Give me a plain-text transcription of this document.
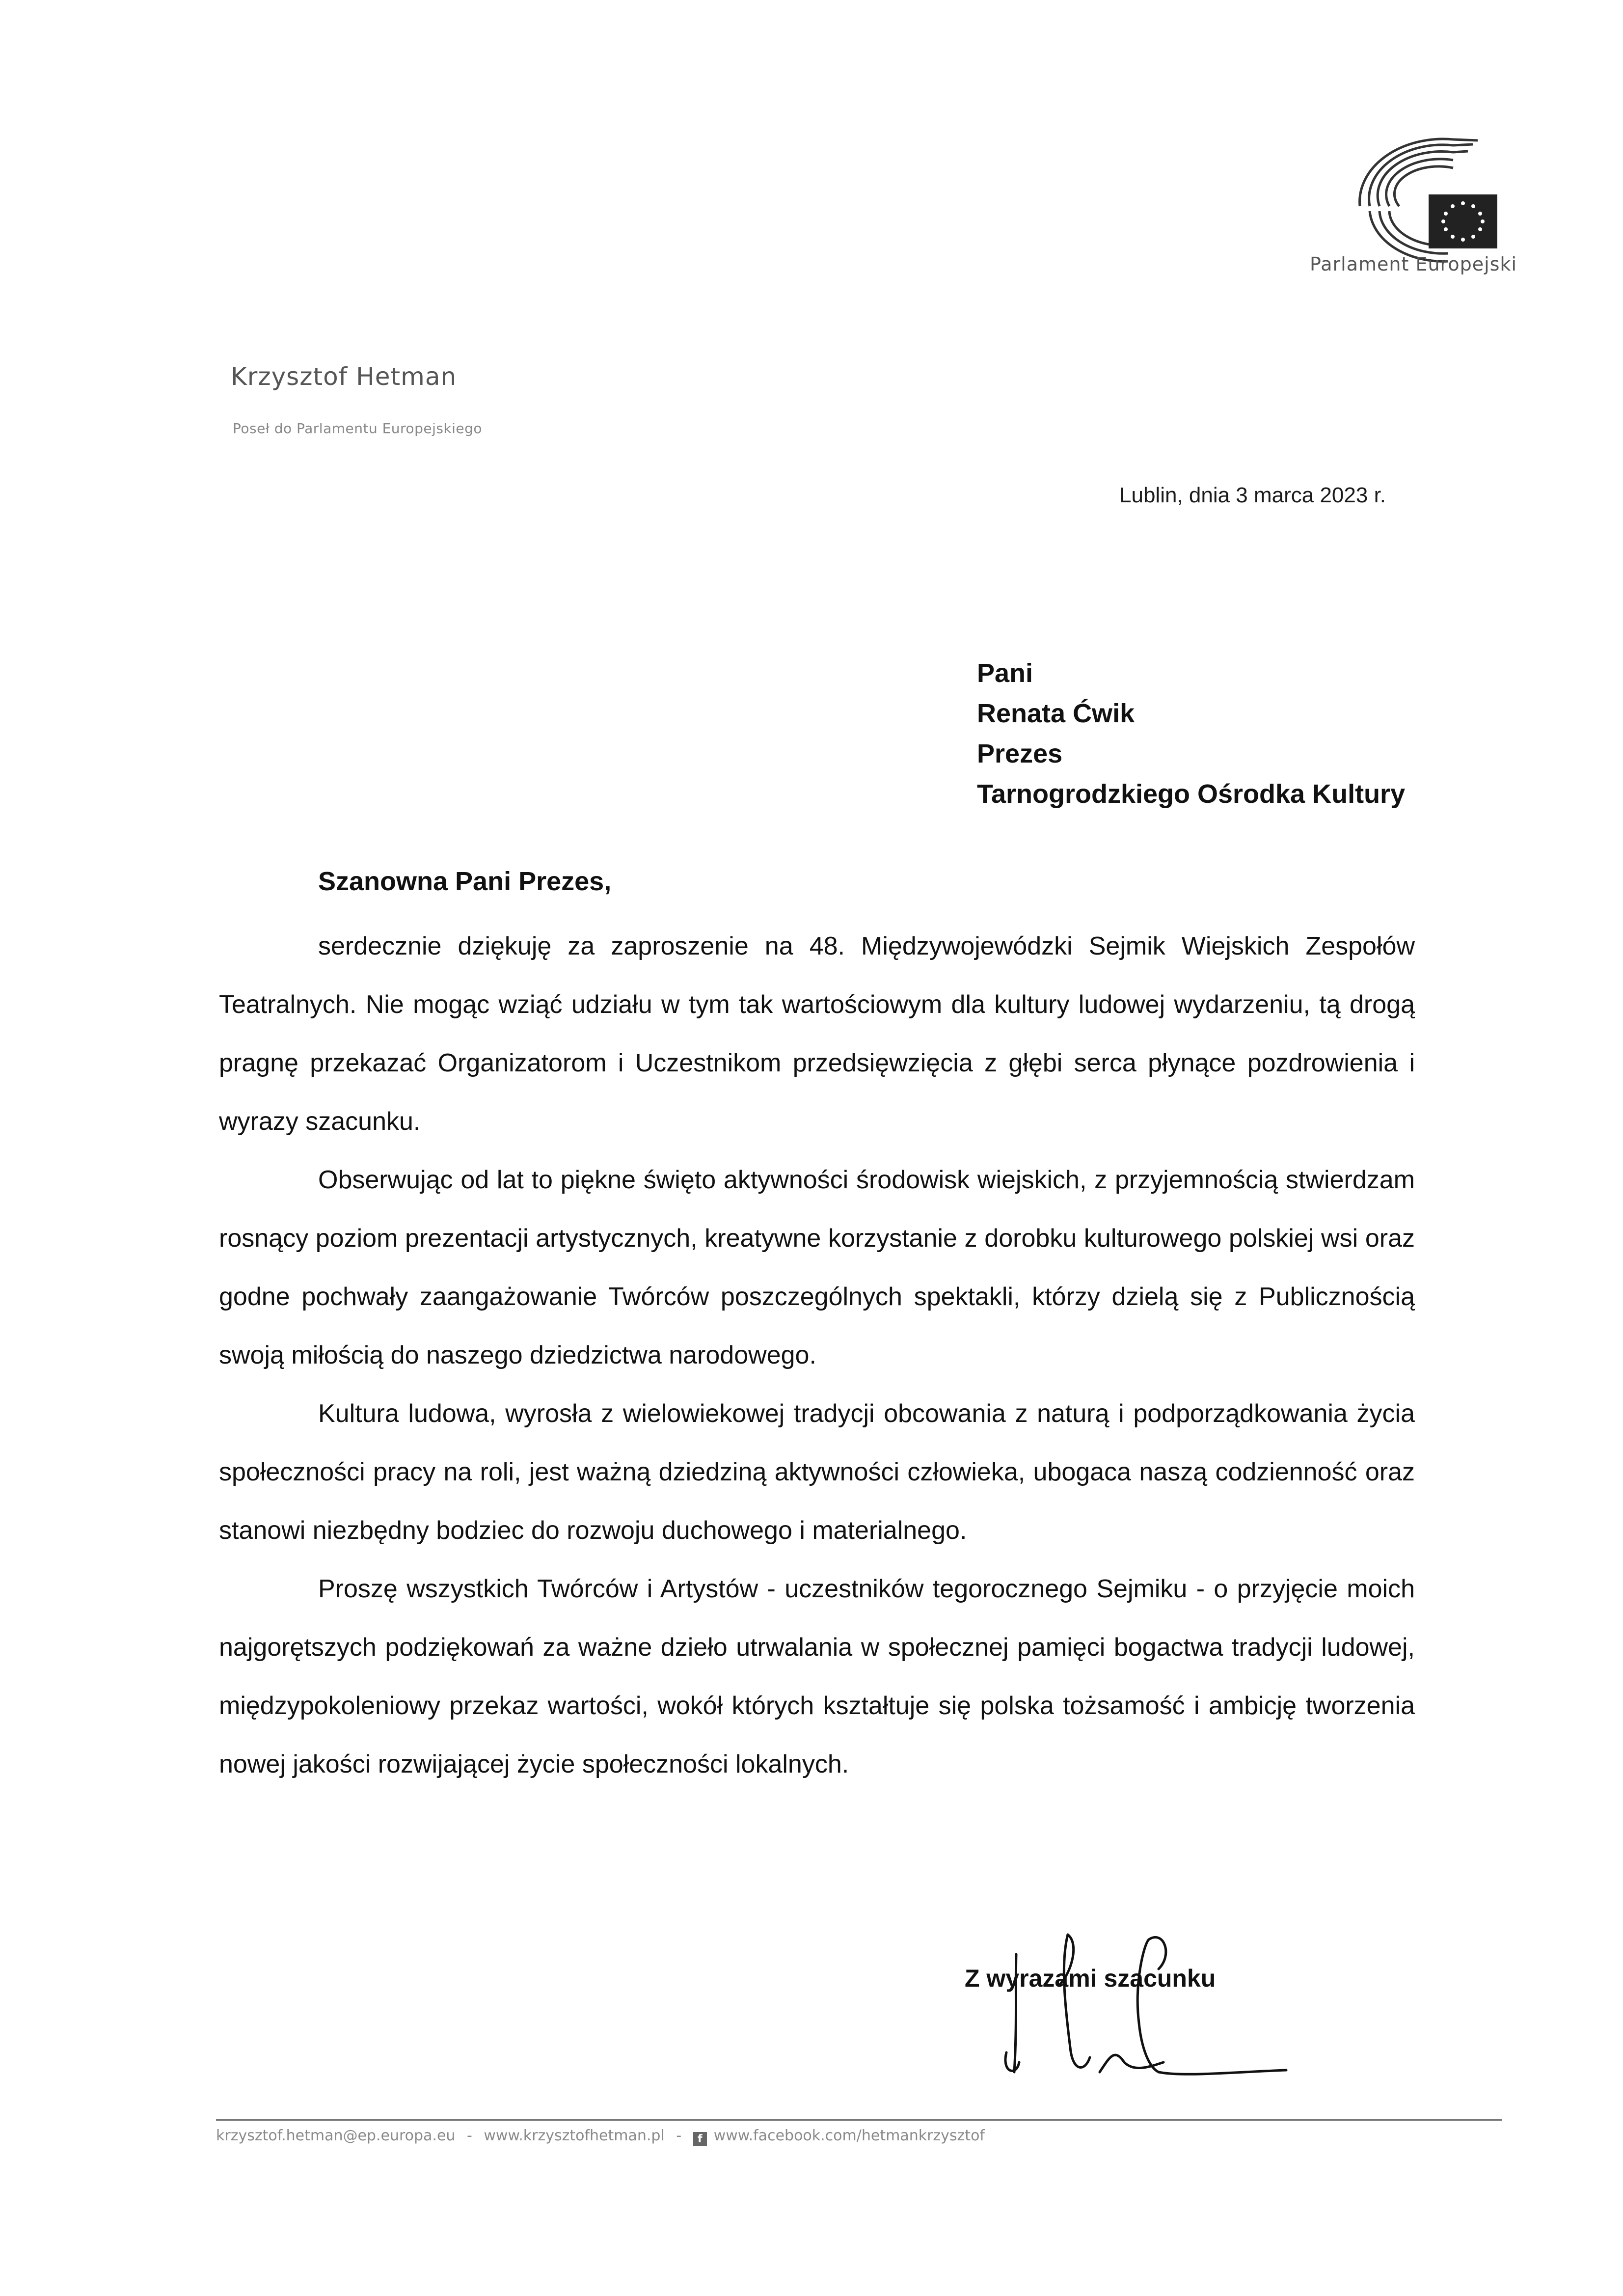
Parlament Europejski
Krzysztof Hetman
Poseł do Parlamentu Europejskiego
Lublin, dnia 3 marca 2023 r.
Pani
Renata Ćwik
Prezes
Tarnogrodzkiego Ośrodka Kultury
Szanowna Pani Prezes,

serdecznie dziękuję za zaproszenie na 48. Międzywojewódzki Sejmik Wiejskich Zespołów Teatralnych. Nie mogąc wziąć udziału w tym tak wartościowym dla kultury ludowej wydarzeniu, tą drogą pragnę przekazać Organizatorom i Uczestnikom przedsięwzięcia z głębi serca płynące pozdrowienia i wyrazy szacunku.

Obserwując od lat to piękne święto aktywności środowisk wiejskich, z przyjemnością stwierdzam rosnący poziom prezentacji artystycznych, kreatywne korzystanie z dorobku kulturowego polskiej wsi oraz godne pochwały zaangażowanie Twórców poszczególnych spektakli, którzy dzielą się z Publicznością swoją miłością do naszego dziedzictwa narodowego.

Kultura ludowa, wyrosła z wielowiekowej tradycji obcowania z naturą i podporządkowania życia społeczności pracy na roli, jest ważną dziedziną aktywności człowieka, ubogaca naszą codzienność oraz stanowi niezbędny bodziec do rozwoju duchowego i materialnego.

Proszę wszystkich Twórców i Artystów - uczestników tegorocznego Sejmiku - o przyjęcie moich najgorętszych podziękowań za ważne dzieło utrwalania w społecznej pamięci bogactwa tradycji ludowej, międzypokoleniowy przekaz wartości, wokół których kształtuje się polska tożsamość i ambicję tworzenia nowej jakości rozwijającej życie społeczności lokalnych.

Z wyrazami szacunku
krzysztof.hetman@ep.europa.eu - www.krzysztofhetman.pl - f www.facebook.com/hetmankrzysztof
